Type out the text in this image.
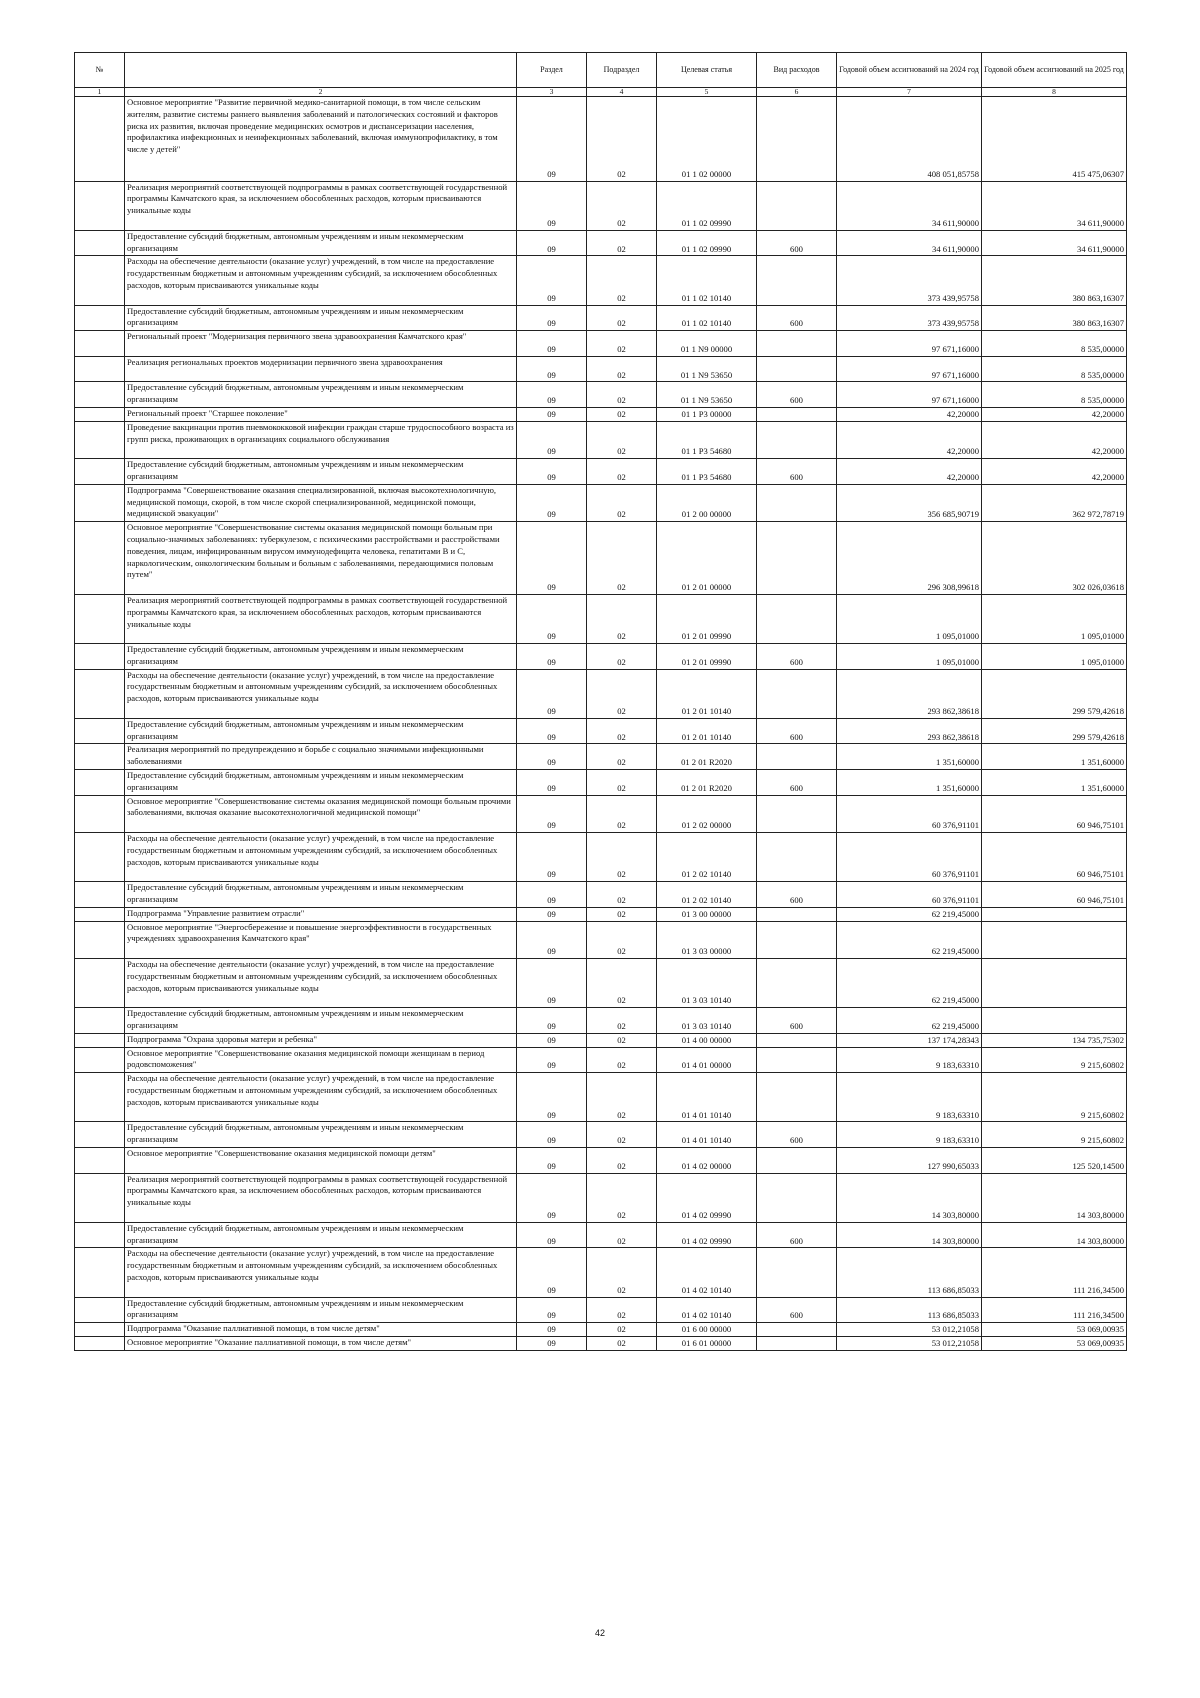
№		Раздел	Подраздел	Целевая статья	Вид расходов	Годовой объем ассигнований на 2024 год	Годовой объем ассигнований на 2025 год
1	2	3	4	5	6	7	8
	Основное мероприятие "Развитие первичной медико-санитарной помощи, в том числе сельским жителям, развитие системы раннего выявления заболеваний и патологических состояний и факторов риска их развития, включая проведение медицинских осмотров и диспансеризации населения, профилактика инфекционных и неинфекционных заболеваний, включая иммунопрофилактику, в том числе у детей"	09	02	01 1 02 00000		408 051,85758	415 475,06307
	Реализация мероприятий соответствующей подпрограммы в рамках соответствующей государственной программы Камчатского края, за исключением обособленных расходов, которым присваиваются уникальные коды	09	02	01 1 02 09990		34 611,90000	34 611,90000
	Предоставление субсидий бюджетным, автономным учреждениям и иным некоммерческим организациям	09	02	01 1 02 09990	600	34 611,90000	34 611,90000
	Расходы на обеспечение деятельности (оказание услуг) учреждений, в том числе на предоставление государственным бюджетным и автономным учреждениям субсидий, за исключением обособленных расходов, которым присваиваются уникальные коды	09	02	01 1 02 10140		373 439,95758	380 863,16307
	Предоставление субсидий бюджетным, автономным учреждениям и иным некоммерческим организациям	09	02	01 1 02 10140	600	373 439,95758	380 863,16307
	Региональный проект "Модернизация первичного звена здравоохранения Камчатского края"	09	02	01 1 N9 00000		97 671,16000	8 535,00000
	Реализация региональных проектов модернизации первичного звена здравоохранения	09	02	01 1 N9 53650		97 671,16000	8 535,00000
	Предоставление субсидий бюджетным, автономным учреждениям и иным некоммерческим организациям	09	02	01 1 N9 53650	600	97 671,16000	8 535,00000
	Региональный проект "Старшее поколение"	09	02	01 1 P3 00000		42,20000	42,20000
	Проведение вакцинации против пневмококковой инфекции граждан старше трудоспособного возраста из групп риска, проживающих в организациях социального обслуживания	09	02	01 1 P3 54680		42,20000	42,20000
	Предоставление субсидий бюджетным, автономным учреждениям и иным некоммерческим организациям	09	02	01 1 P3 54680	600	42,20000	42,20000
	Подпрограмма "Совершенствование оказания специализированной, включая высокотехнологичную, медицинской помощи, скорой, в том числе скорой специализированной, медицинской помощи, медицинской эвакуации"	09	02	01 2 00 00000		356 685,90719	362 972,78719
	Основное мероприятие "Совершенствование системы оказания медицинской помощи больным при социально-значимых заболеваниях: туберкулезом, с психическими расстройствами и расстройствами поведения, лицам, инфицированным вирусом иммунодефицита человека, гепатитами В и С, наркологическим, онкологическим больным и больным с заболеваниями, передающимися половым путем"	09	02	01 2 01 00000		296 308,99618	302 026,03618
	Реализация мероприятий соответствующей подпрограммы в рамках соответствующей государственной программы Камчатского края, за исключением обособленных расходов, которым присваиваются уникальные коды	09	02	01 2 01 09990		1 095,01000	1 095,01000
	Предоставление субсидий бюджетным, автономным учреждениям и иным некоммерческим организациям	09	02	01 2 01 09990	600	1 095,01000	1 095,01000
	Расходы на обеспечение деятельности (оказание услуг) учреждений, в том числе на предоставление государственным бюджетным и автономным учреждениям субсидий, за исключением обособленных расходов, которым присваиваются уникальные коды	09	02	01 2 01 10140		293 862,38618	299 579,42618
	Предоставление субсидий бюджетным, автономным учреждениям и иным некоммерческим организациям	09	02	01 2 01 10140	600	293 862,38618	299 579,42618
	Реализация мероприятий по предупреждению и борьбе с социально значимыми инфекционными заболеваниями	09	02	01 2 01 R2020		1 351,60000	1 351,60000
	Предоставление субсидий бюджетным, автономным учреждениям и иным некоммерческим организациям	09	02	01 2 01 R2020	600	1 351,60000	1 351,60000
	Основное мероприятие "Совершенствование системы оказания медицинской помощи больным прочими заболеваниями, включая оказание высокотехнологичной медицинской помощи"	09	02	01 2 02 00000		60 376,91101	60 946,75101
	Расходы на обеспечение деятельности (оказание услуг) учреждений, в том числе на предоставление государственным бюджетным и автономным учреждениям субсидий, за исключением обособленных расходов, которым присваиваются уникальные коды	09	02	01 2 02 10140		60 376,91101	60 946,75101
	Предоставление субсидий бюджетным, автономным учреждениям и иным некоммерческим организациям	09	02	01 2 02 10140	600	60 376,91101	60 946,75101
	Подпрограмма "Управление развитием отрасли"	09	02	01 3 00 00000		62 219,45000	
	Основное мероприятие "Энергосбережение и повышение энергоэффективности в государственных учреждениях здравоохранения Камчатского края"	09	02	01 3 03 00000		62 219,45000	
	Расходы на обеспечение деятельности (оказание услуг) учреждений, в том числе на предоставление государственным бюджетным и автономным учреждениям субсидий, за исключением обособленных расходов, которым присваиваются уникальные коды	09	02	01 3 03 10140		62 219,45000	
	Предоставление субсидий бюджетным, автономным учреждениям и иным некоммерческим организациям	09	02	01 3 03 10140	600	62 219,45000	
	Подпрограмма "Охрана здоровья матери и ребенка"	09	02	01 4 00 00000		137 174,28343	134 735,75302
	Основное мероприятие "Совершенствование оказания медицинской помощи женщинам в период родовспоможения"	09	02	01 4 01 00000		9 183,63310	9 215,60802
	Расходы на обеспечение деятельности (оказание услуг) учреждений, в том числе на предоставление государственным бюджетным и автономным учреждениям субсидий, за исключением обособленных расходов, которым присваиваются уникальные коды	09	02	01 4 01 10140		9 183,63310	9 215,60802
	Предоставление субсидий бюджетным, автономным учреждениям и иным некоммерческим организациям	09	02	01 4 01 10140	600	9 183,63310	9 215,60802
	Основное мероприятие "Совершенствование оказания медицинской помощи детям"	09	02	01 4 02 00000		127 990,65033	125 520,14500
	Реализация мероприятий соответствующей подпрограммы в рамках соответствующей государственной программы Камчатского края, за исключением обособленных расходов, которым присваиваются уникальные коды	09	02	01 4 02 09990		14 303,80000	14 303,80000
	Предоставление субсидий бюджетным, автономным учреждениям и иным некоммерческим организациям	09	02	01 4 02 09990	600	14 303,80000	14 303,80000
	Расходы на обеспечение деятельности (оказание услуг) учреждений, в том числе на предоставление государственным бюджетным и автономным учреждениям субсидий, за исключением обособленных расходов, которым присваиваются уникальные коды	09	02	01 4 02 10140		113 686,85033	111 216,34500
	Предоставление субсидий бюджетным, автономным учреждениям и иным некоммерческим организациям	09	02	01 4 02 10140	600	113 686,85033	111 216,34500
	Подпрограмма "Оказание паллиативной помощи, в том числе детям"	09	02	01 6 00 00000		53 012,21058	53 069,00935
	Основное мероприятие "Оказание паллиативной помощи, в том числе детям"	09	02	01 6 01 00000		53 012,21058	53 069,00935
42
